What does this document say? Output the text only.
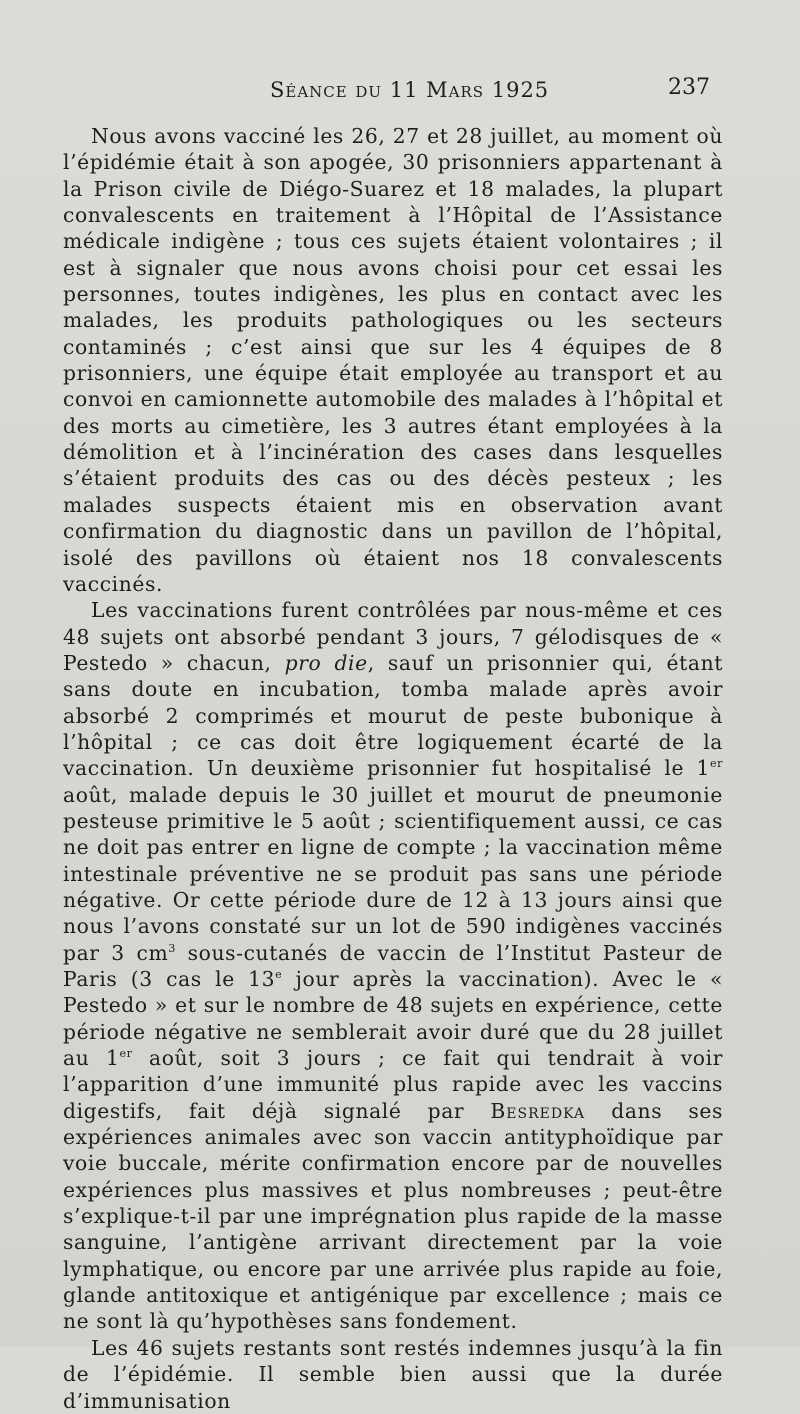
Séance du 11 Mars 1925	237

Nous avons vacciné les 26, 27 et 28 juillet, au moment où l’épidémie était à son apogée, 30 prisonniers appartenant à la Prison civile de Diégo-Suarez et 18 malades, la plupart convalescents en traitement à l’Hôpital de l’Assistance médicale indigène ; tous ces sujets étaient volontaires ; il est à signaler que nous avons choisi pour cet essai les personnes, toutes indigènes, les plus en contact avec les malades, les produits pathologiques ou les secteurs contaminés ; c’est ainsi que sur les 4 équipes de 8 prisonniers, une équipe était employée au transport et au convoi en camionnette automobile des malades à l’hôpital et des morts au cimetière, les 3 autres étant employées à la démolition et à l’incinération des cases dans lesquelles s’étaient produits des cas ou des décès pesteux ; les malades suspects étaient mis en observation avant confirmation du diagnostic dans un pavillon de l’hôpital, isolé des pavillons où étaient nos 18 convalescents vaccinés.

Les vaccinations furent contrôlées par nous-même et ces 48 sujets ont absorbé pendant 3 jours, 7 gélodisques de « Pestedo » chacun, pro die, sauf un prisonnier qui, étant sans doute en incubation, tomba malade après avoir absorbé 2 comprimés et mourut de peste bubonique à l’hôpital ; ce cas doit être logiquement écarté de la vaccination. Un deuxième prisonnier fut hospitalisé le 1er août, malade depuis le 30 juillet et mourut de pneumonie pesteuse primitive le 5 août ; scientifiquement aussi, ce cas ne doit pas entrer en ligne de compte ; la vaccination même intestinale préventive ne se produit pas sans une période négative. Or cette période dure de 12 à 13 jours ainsi que nous l’avons constaté sur un lot de 590 indigènes vaccinés par 3 $cm^3$ sous-cutanés de vaccin de l’Institut Pasteur de Paris (3 cas le 13e jour après la vaccination). Avec le « Pestedo » et sur le nombre de 48 sujets en expérience, cette période négative ne semblerait avoir duré que du 28 juillet au 1er août, soit 3 jours ; ce fait qui tendrait à voir l’apparition d’une immunité plus rapide avec les vaccins digestifs, fait déjà signalé par Besredka dans ses expériences animales avec son vaccin antityphoïdique par voie buccale, mérite confirmation encore par de nouvelles expériences plus massives et plus nombreuses ; peut-être s’explique-t-il par une imprégnation plus rapide de la masse sanguine, l’antigène arrivant directement par la voie lymphatique, ou encore par une arrivée plus rapide au foie, glande antitoxique et antigénique par excellence ; mais ce ne sont là qu’hypothèses sans fondement.

Les 46 sujets restants sont restés indemnes jusqu’à la fin de l’épidémie. Il semble bien aussi que la durée d’immunisation
